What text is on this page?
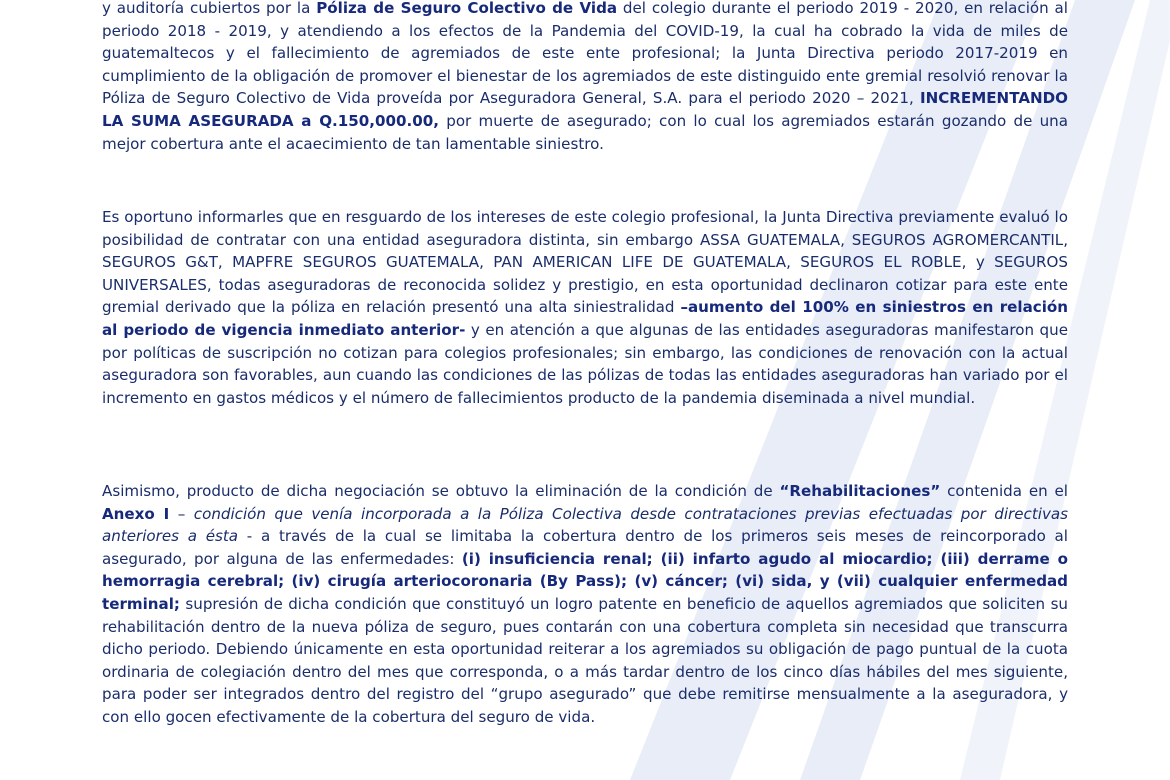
y auditoría cubiertos por la Póliza de Seguro Colectivo de Vida del colegio durante el periodo 2019 - 2020, en relación al periodo 2018 - 2019, y atendiendo a los efectos de la Pandemia del COVID-19, la cual ha cobrado la vida de miles de guatemaltecos y el fallecimiento de agremiados de este ente profesional; la Junta Directiva periodo 2017-2019 en cumplimiento de la obligación de promover el bienestar de los agremiados de este distinguido ente gremial resolvió renovar la Póliza de Seguro Colectivo de Vida proveída por Aseguradora General, S.A. para el periodo 2020 – 2021, INCREMENTANDO LA SUMA ASEGURADA a Q.150,000.00, por muerte de asegurado; con lo cual los agremiados estarán gozando de una mejor cobertura ante el acaecimiento de tan lamentable siniestro.

Es oportuno informarles que en resguardo de los intereses de este colegio profesional, la Junta Directiva previamente evaluó lo posibilidad de contratar con una entidad aseguradora distinta, sin embargo ASSA GUATEMALA, SEGUROS AGROMERCANTIL, SEGUROS G&T, MAPFRE SEGUROS GUATEMALA, PAN AMERICAN LIFE DE GUATEMALA, SEGUROS EL ROBLE, y SEGUROS UNIVERSALES, todas aseguradoras de reconocida solidez y prestigio, en esta oportunidad declinaron cotizar para este ente gremial derivado que la póliza en relación presentó una alta siniestralidad –aumento del 100% en siniestros en relación al periodo de vigencia inmediato anterior- y en atención a que algunas de las entidades aseguradoras manifestaron que por políticas de suscripción no cotizan para colegios profesionales; sin embargo, las condiciones de renovación con la actual aseguradora son favorables, aun cuando las condiciones de las pólizas de todas las entidades aseguradoras han variado por el incremento en gastos médicos y el número de fallecimientos producto de la pandemia diseminada a nivel mundial.

Asimismo, producto de dicha negociación se obtuvo la eliminación de la condición de “Rehabilitaciones” contenida en el Anexo I – condición que venía incorporada a la Póliza Colectiva desde contrataciones previas efectuadas por directivas anteriores a ésta - a través de la cual se limitaba la cobertura dentro de los primeros seis meses de reincorporado al asegurado, por alguna de las enfermedades: (i) insuficiencia renal; (ii) infarto agudo al miocardio; (iii) derrame o hemorragia cerebral; (iv) cirugía arteriocoronaria (By Pass); (v) cáncer; (vi) sida, y (vii) cualquier enfermedad terminal; supresión de dicha condición que constituyó un logro patente en beneficio de aquellos agremiados que soliciten su rehabilitación dentro de la nueva póliza de seguro, pues contarán con una cobertura completa sin necesidad que transcurra dicho periodo. Debiendo únicamente en esta oportunidad reiterar a los agremiados su obligación de pago puntual de la cuota ordinaria de colegiación dentro del mes que corresponda, o a más tardar dentro de los cinco días hábiles del mes siguiente, para poder ser integrados dentro del registro del “grupo asegurado” que debe remitirse mensualmente a la aseguradora, y con ello gocen efectivamente de la cobertura del seguro de vida.
